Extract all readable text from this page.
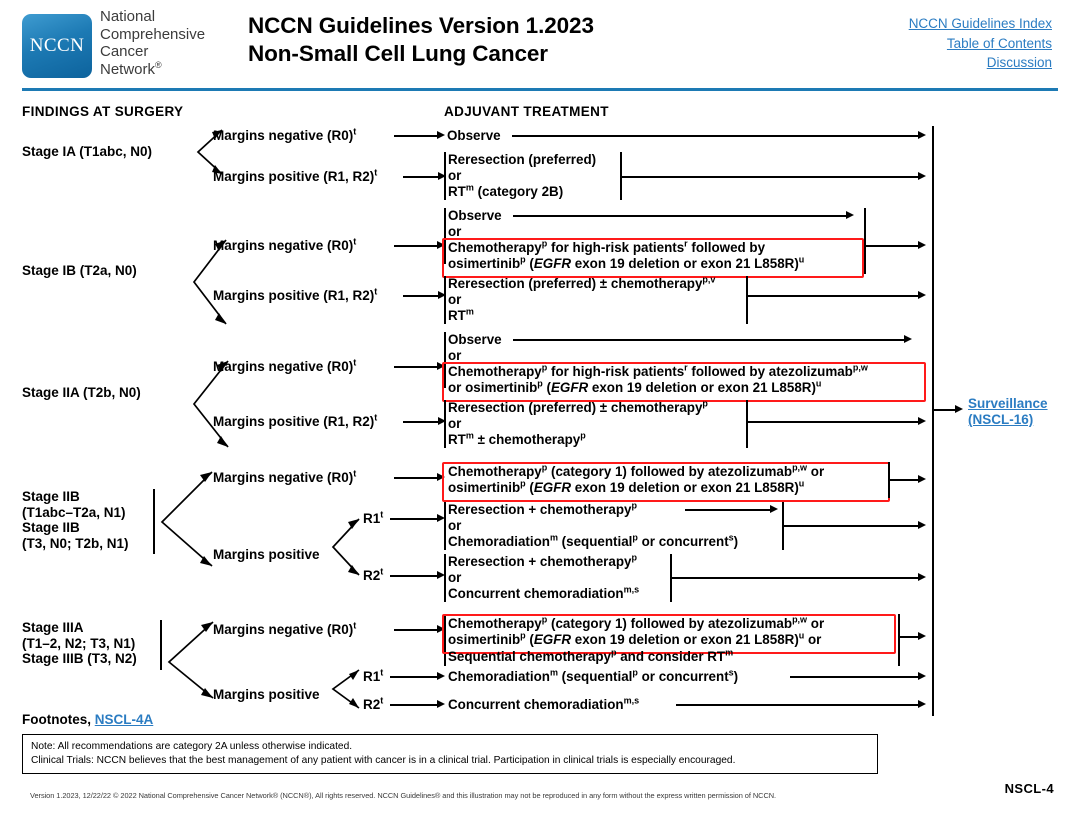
NCCN
National
Comprehensive
Cancer
Network®
NCCN Guidelines Version 1.2023
Non-Small Cell Lung Cancer
NCCN Guidelines Index
Table of Contents
Discussion
FINDINGS AT SURGERY	ADJUVANT TREATMENT
Surveillance
(NSCL-16)
Stage IA (T1abc, N0)
Margins negative $(R0)^t$
Margins positive (R1, R2)$^t$
Observe
Reresection (preferred)
or
$RT^m$ (category 2B)
Stage IB (T2a, N0)
Margins negative $(R0)^t$
Margins positive (R1, R2)$^t$
Observe
or
Chemotherapy$^p$ for high-risk patients$^r$ followed by
osimertinib$^p$ (EGFR exon 19 deletion or exon 21 L858R)$^u$
Reresection (preferred) ± chemotherapy$^{p,v}$
or
$RT^m$
Stage IIA (T2b, N0)
Margins negative $(R0)^t$
Margins positive (R1, R2)$^t$
Observe
or
Chemotherapy$^p$ for high-risk patients$^r$ followed by atezolizumab$^{p,w}$
or osimertinib$^p$ (EGFR exon 19 deletion or exon 21 L858R)$^u$
Reresection (preferred) ± chemotherapy$^p$
or
$RT^m$ ± chemotherapy$^p$
Stage IIB
(T1abc–T2a, N1)
Stage IIB
(T3, N0; T2b, N1)
Margins negative $(R0)^t$
Margins positive
R1$^t$
R2$^t$
Chemotherapy$^p$ (category 1) followed by atezolizumab$^{p,w}$ or
osimertinib$^p$ (EGFR exon 19 deletion or exon 21 L858R)$^u$
Reresection + chemotherapy$^p$
or
Chemoradiation$^m$ (sequential$^p$ or concurrent$^s$)
Reresection + chemotherapy$^p$
or
Concurrent chemoradiation$^{m,s}$
Stage IIIA
(T1–2, N2; T3, N1)
Stage IIIB (T3, N2)
Margins negative $(R0)^t$
Margins positive
R1$^t$
R2$^t$
Chemotherapy$^p$ (category 1) followed by atezolizumab$^{p,w}$ or
osimertinib$^p$ (EGFR exon 19 deletion or exon 21 L858R)$^u$ or
Sequential chemotherapy$^p$ and consider $RT^m$
Chemoradiation$^m$ (sequential$^p$ or concurrent$^s$)
Concurrent chemoradiation$^{m,s}$
Footnotes, NSCL-4A
Note: All recommendations are category 2A unless otherwise indicated.
Clinical Trials: NCCN believes that the best management of any patient with cancer is in a clinical trial. Participation in clinical trials is especially encouraged.
Version 1.2023, 12/22/22 © 2022 National Comprehensive Cancer Network® (NCCN®), All rights reserved. NCCN Guidelines® and this illustration may not be reproduced in any form without the express written permission of NCCN.	NSCL-4
